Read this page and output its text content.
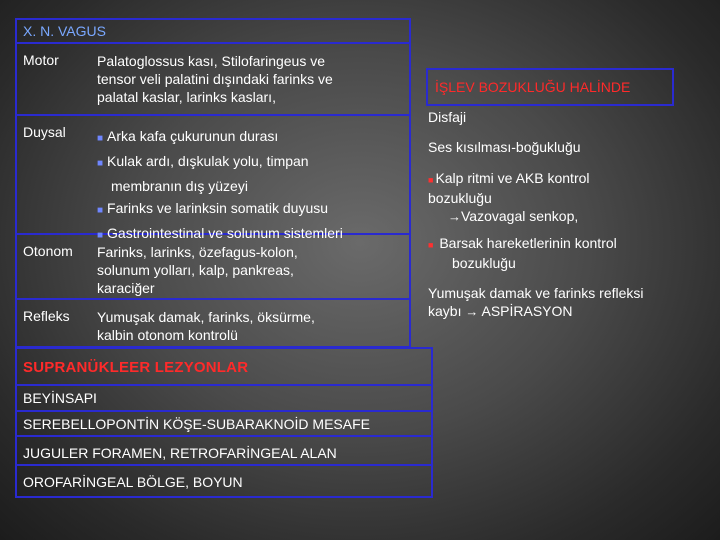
X. N. VAGUS
Motor	Palatoglossus kası, Stilofaringeus ve
tensor veli palatini dışındaki farinks ve
palatal kaslar, larinks kasları,
Duysal	■ Arka kafa çukurunun durası
■ Kulak ardı, dışkulak yolu, timpan
membranın dış yüzeyi
■ Farinks ve larinksin somatik duyusu
■ Gastrointestinal ve solunum sistemleri
Otonom Farinks, larinks, özefagus-kolon,
solunum yolları, kalp, pankreas,
karaciğer
Refleks Yumuşak damak, farinks, öksürme,
kalbin otonom kontrolü
İŞLEV BOZUKLUĞU HALİNDE
Disfaji
Ses kısılması-boğukluğu
■ Kalp ritmi ve AKB kontrol
bozukluğu
→Vazovagal senkop,
■ Barsak hareketlerinin kontrol
bozukluğu
Yumuşak damak ve farinks refleksi
kaybı → ASPİRASYON
SUPRANÜKLEER LEZYONLAR
BEYİNSAPI
SEREBELLOPONTİN KÖŞE-SUBARAKNOİD MESAFE
JUGULER FORAMEN, RETROFARİNGEAL ALAN
OROFARİNGEAL BÖLGE, BOYUN
